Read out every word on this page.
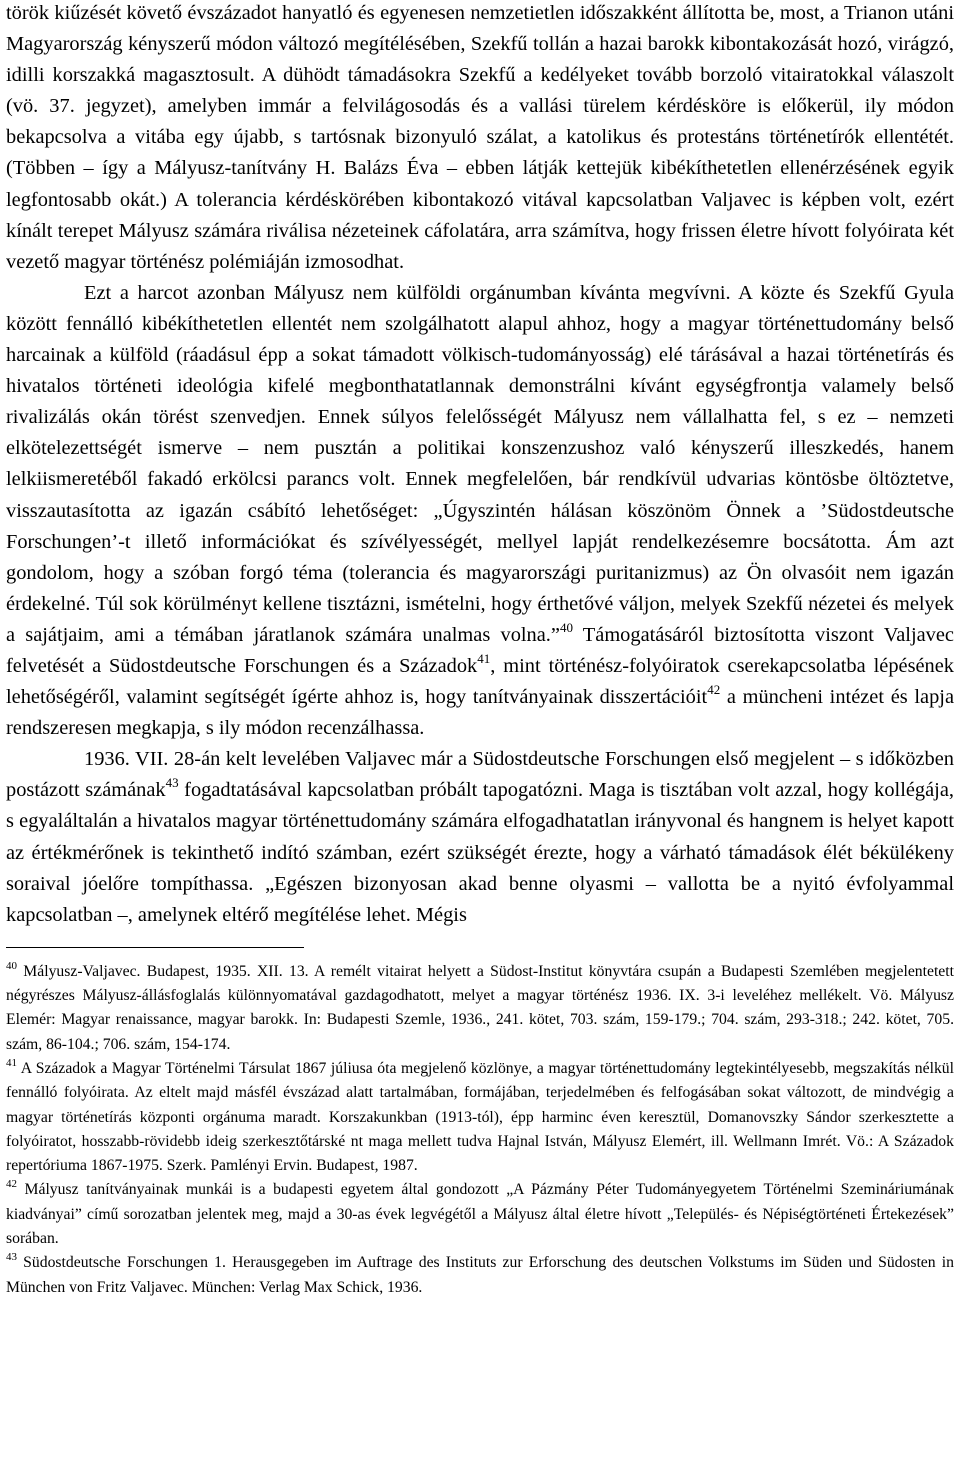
török kiűzését követő évszázadot hanyatló és egyenesen nemzetietlen időszakként állította be, most, a Trianon utáni Magyarország kényszerű módon változó megítélésében, Szekfű tollán a hazai barokk kibontakozását hozó, virágzó, idilli korszakká magasztosult. A dühödt támadásokra Szekfű a kedélyeket tovább borzoló vitairatokkal válaszolt (vö. 37. jegyzet), amelyben immár a felvilágosodás és a vallási türelem kérdésköre is előkerül, ily módon bekapcsolva a vitába egy újabb, s tartósnak bizonyuló szálat, a katolikus és protestáns történetírók ellentétét. (Többen – így a Mályusz-tanítvány H. Balázs Éva – ebben látják kettejük kibékíthetetlen ellenérzésének egyik legfontosabb okát.) A tolerancia kérdéskörében kibontakozó vitával kapcsolatban Valjavec is képben volt, ezért kínált terepet Mályusz számára riválisa nézeteinek cáfolatára, arra számítva, hogy frissen életre hívott folyóirata két vezető magyar történész polémiáján izmosodhat.

Ezt a harcot azonban Mályusz nem külföldi orgánumban kívánta megvívni. A közte és Szekfű Gyula között fennálló kibékíthetetlen ellentét nem szolgálhatott alapul ahhoz, hogy a magyar történettudomány belső harcainak a külföld (ráadásul épp a sokat támadott völkisch-tudományosság) elé tárásával a hazai történetírás és hivatalos történeti ideológia kifelé megbonthatatlannak demonstrálni kívánt egységfrontja valamely belső rivalizálás okán törést szenvedjen. Ennek súlyos felelősségét Mályusz nem vállalhatta fel, s ez – nemzeti elkötelezettségét ismerve – nem pusztán a politikai konszenzushoz való kényszerű illeszkedés, hanem lelkiismeretéből fakadó erkölcsi parancs volt. Ennek megfelelően, bár rendkívül udvarias köntösbe öltöztetve, visszautasította az igazán csábító lehetőséget: „Úgyszintén hálásan köszönöm Önnek a ’Südostdeutsche Forschungen’-t illető információkat és szívélyességét, mellyel lapját rendelkezésemre bocsátotta. Ám azt gondolom, hogy a szóban forgó téma (tolerancia és magyarországi puritanizmus) az Ön olvasóit nem igazán érdekelné. Túl sok körülményt kellene tisztázni, ismételni, hogy érthetővé váljon, melyek Szekfű nézetei és melyek a sajátjaim, ami a témában járatlanok számára unalmas volna.”$^{40}$ Támogatásáról biztosította viszont Valjavec felvetését a Südostdeutsche Forschungen és a Századok$^{41}$, mint történész-folyóiratok cserekapcsolatba lépésének lehetőségéről, valamint segítségét ígérte ahhoz is, hogy tanítványainak disszertációit$^{42}$ a müncheni intézet és lapja rendszeresen megkapja, s ily módon recenzálhassa.

1936. VII. 28-án kelt levelében Valjavec már a Südostdeutsche Forschungen első megjelent – s időközben postázott számának$^{43}$ fogadtatásával kapcsolatban próbált tapogatózni. Maga is tisztában volt azzal, hogy kollégája, s egyaláltalán a hivatalos magyar történettudomány számára elfogadhatatlan irányvonal és hangnem is helyet kapott az értékmérőnek is tekinthető indító számban, ezért szükségét érezte, hogy a várható támadások élét békülékeny soraival jóelőre tompíthassa. „Egészen bizonyosan akad benne olyasmi – vallotta be a nyitó évfolyammal kapcsolatban –, amelynek eltérő megítélése lehet. Mégis

$^{40}$ Mályusz-Valjavec. Budapest, 1935. XII. 13. A remélt vitairat helyett a Südost-Institut könyvtára csupán a Budapesti Szemlében megjelentetett négyrészes Mályusz-állásfoglalás különnyomatával gazdagodhatott, melyet a magyar történész 1936. IX. 3-i leveléhez mellékelt. Vö. Mályusz Elemér: Magyar renaissance, magyar barokk. In: Budapesti Szemle, 1936., 241. kötet, 703. szám, 159-179.; 704. szám, 293-318.; 242. kötet, 705. szám, 86-104.; 706. szám, 154-174.

$^{41}$ A Századok a Magyar Történelmi Társulat 1867 júliusa óta megjelenő közlönye, a magyar történettudomány legtekintélyesebb, megszakítás nélkül fennálló folyóirata. Az eltelt majd másfél évszázad alatt tartalmában, formájában, terjedelmében és felfogásában sokat változott, de mindvégig a magyar történetírás központi orgánuma maradt. Korszakunkban (1913-tól), épp harminc éven keresztül, Domanovszky Sándor szerkesztette a folyóiratot, hosszabb-rövidebb ideig szerkesztőtárské nt maga mellett tudva Hajnal István, Mályusz Elemért, ill. Wellmann Imrét. Vö.: A Századok repertóriuma 1867-1975. Szerk. Pamlényi Ervin. Budapest, 1987.

$^{42}$ Mályusz tanítványainak munkái is a budapesti egyetem által gondozott „A Pázmány Péter Tudományegyetem Történelmi Szemináriumának kiadványai” című sorozatban jelentek meg, majd a 30-as évek legvégétől a Mályusz által életre hívott „Település- és Népiségtörténeti Értekezések” sorában.

$^{43}$ Südostdeutsche Forschungen 1. Herausgegeben im Auftrage des Instituts zur Erforschung des deutschen Volkstums im Süden und Südosten in München von Fritz Valjavec. München: Verlag Max Schick, 1936.
